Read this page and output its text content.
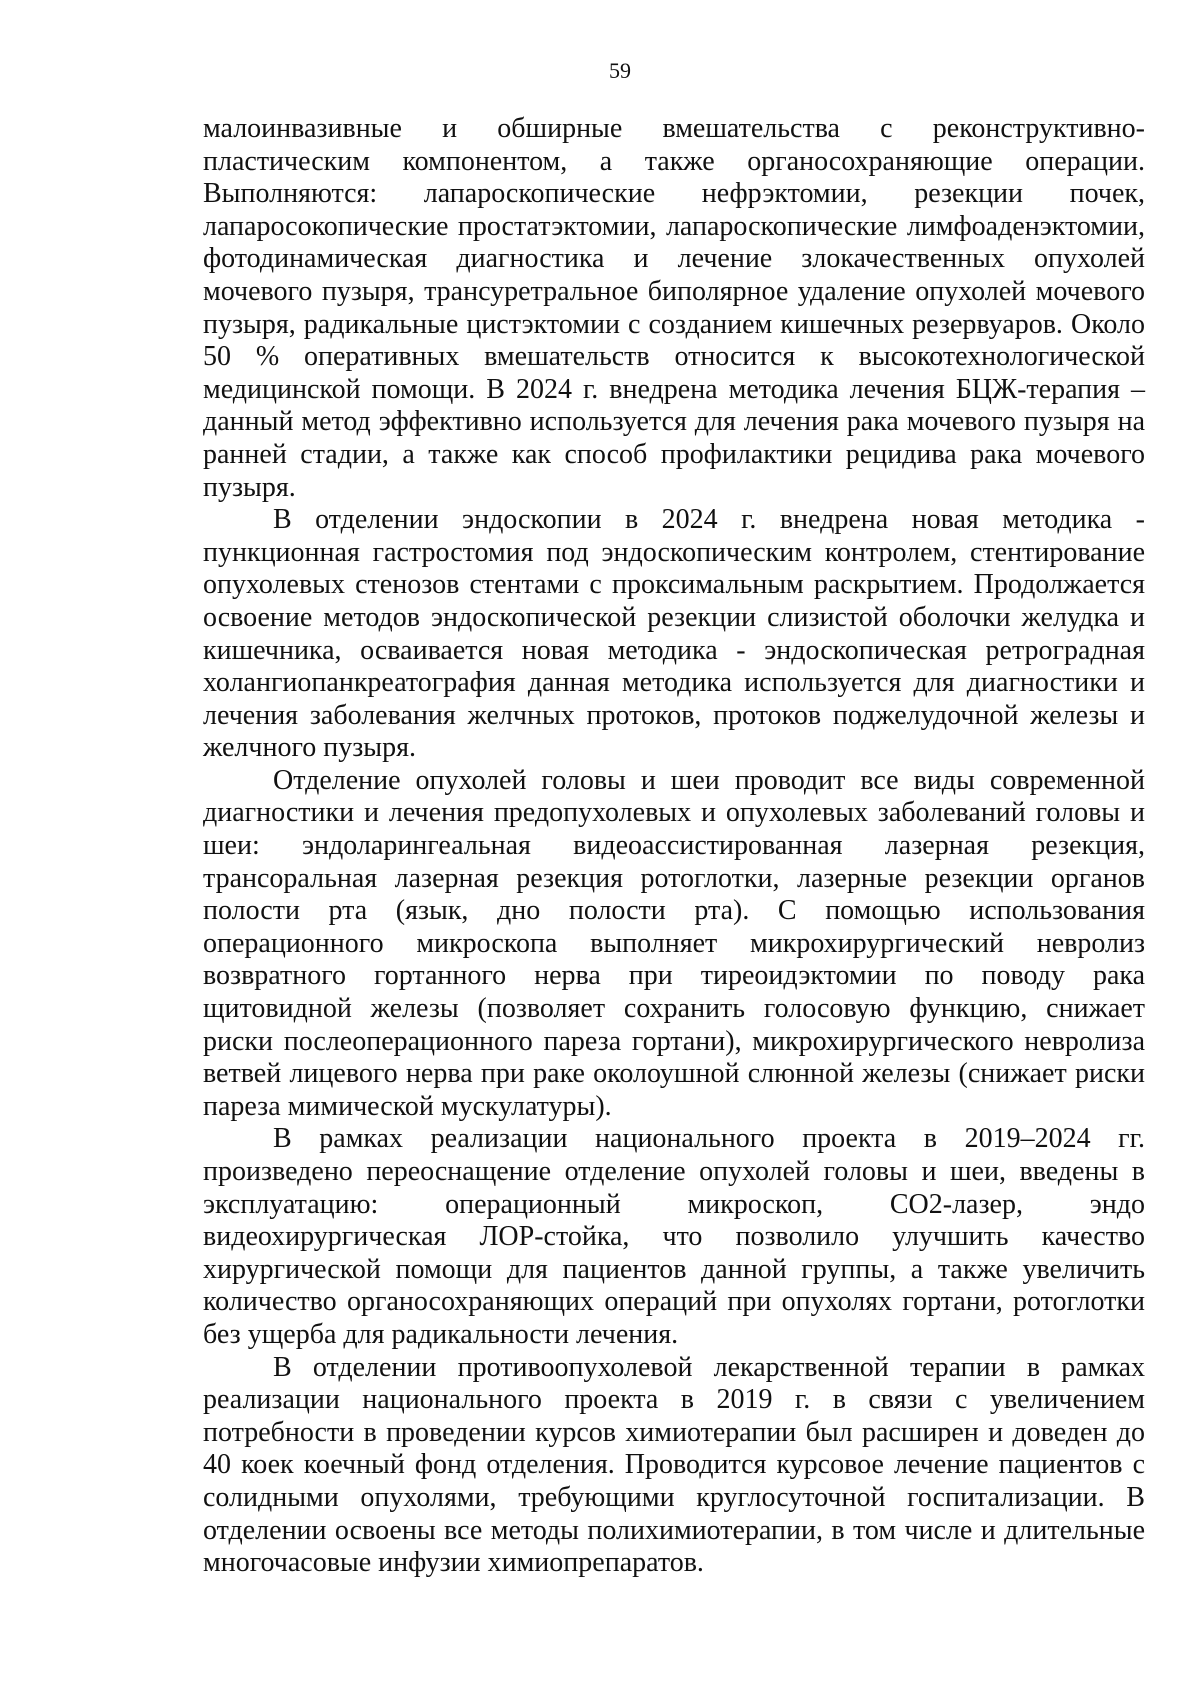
59

малоинвазивные и обширные вмешательства с реконструктивно-пластическим компонентом, а также органосохраняющие операции. Выполняются: лапароскопические нефрэктомии, резекции почек, лапаросокопические простатэктомии, лапароскопические лимфоаденэктомии, фотодинамическая диагностика и лечение злокачественных опухолей мочевого пузыря, трансуретральное биполярное удаление опухолей мочевого пузыря, радикальные цистэктомии с созданием кишечных резервуаров. Около 50 % оперативных вмешательств относится к высокотехнологической медицинской помощи. В 2024 г. внедрена методика лечения БЦЖ-терапия – данный метод эффективно используется для лечения рака мочевого пузыря на ранней стадии, а также как способ профилактики рецидива рака мочевого пузыря.

В отделении эндоскопии в 2024 г. внедрена новая методика - пункционная гастростомия под эндоскопическим контролем, стентирование опухолевых стенозов стентами с проксимальным раскрытием. Продолжается освоение методов эндоскопической резекции слизистой оболочки желудка и кишечника, осваивается новая методика - эндоскопическая ретроградная холангиопанкреатография данная методика используется для диагностики и лечения заболевания желчных протоков, протоков поджелудочной железы и желчного пузыря.

Отделение опухолей головы и шеи проводит все виды современной диагностики и лечения предопухолевых и опухолевых заболеваний головы и шеи: эндоларингеальная видеоассистированная лазерная резекция, трансоральная лазерная резекция ротоглотки, лазерные резекции органов полости рта (язык, дно полости рта). С помощью использования операционного микроскопа выполняет микрохирургический невролиз возвратного гортанного нерва при тиреоидэктомии по поводу рака щитовидной железы (позволяет сохранить голосовую функцию, снижает риски послеоперационного пареза гортани), микрохирургического невролиза ветвей лицевого нерва при раке околоушной слюнной железы (снижает риски пареза мимической мускулатуры).

В рамках реализации национального проекта в 2019–2024 гг. произведено переоснащение отделение опухолей головы и шеи, введены в эксплуатацию: операционный микроскоп, СО2-лазер, эндо видеохирургическая ЛОР-стойка, что позволило улучшить качество хирургической помощи для пациентов данной группы, а также увеличить количество органосохраняющих операций при опухолях гортани, ротоглотки без ущерба для радикальности лечения.

В отделении противоопухолевой лекарственной терапии в рамках реализации национального проекта в 2019 г. в связи с увеличением потребности в проведении курсов химиотерапии был расширен и доведен до 40 коек коечный фонд отделения. Проводится курсовое лечение пациентов с солидными опухолями, требующими круглосуточной госпитализации. В отделении освоены все методы полихимиотерапии, в том числе и длительные многочасовые инфузии химиопрепаратов.
